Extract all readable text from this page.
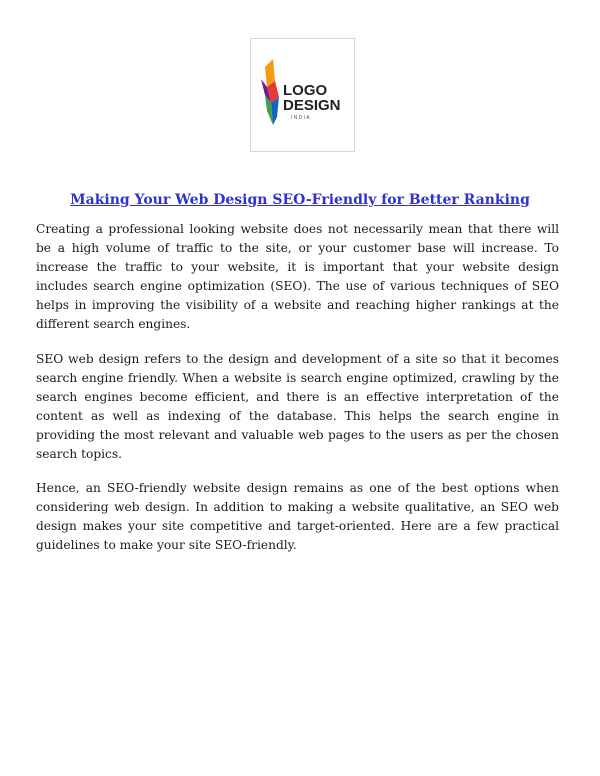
LOGO
DESIGN
I N D I A
Making Your Web Design SEO-Friendly for Better Ranking

Creating a professional looking website does not necessarily mean that there will be a high volume of traffic to the site, or your customer base will increase. To increase the traffic to your website, it is important that your website design includes search engine optimization (SEO). The use of various techniques of SEO helps in improving the visibility of a website and reaching higher rankings at the different search engines.

SEO web design refers to the design and development of a site so that it becomes search engine friendly. When a website is search engine optimized, crawling by the search engines become efficient, and there is an effective interpretation of the content as well as indexing of the database. This helps the search engine in providing the most relevant and valuable web pages to the users as per the chosen search topics.

Hence, an SEO-friendly website design remains as one of the best options when considering web design. In addition to making a website qualitative, an SEO web design makes your site competitive and target-oriented. Here are a few practical guidelines to make your site SEO-friendly.
